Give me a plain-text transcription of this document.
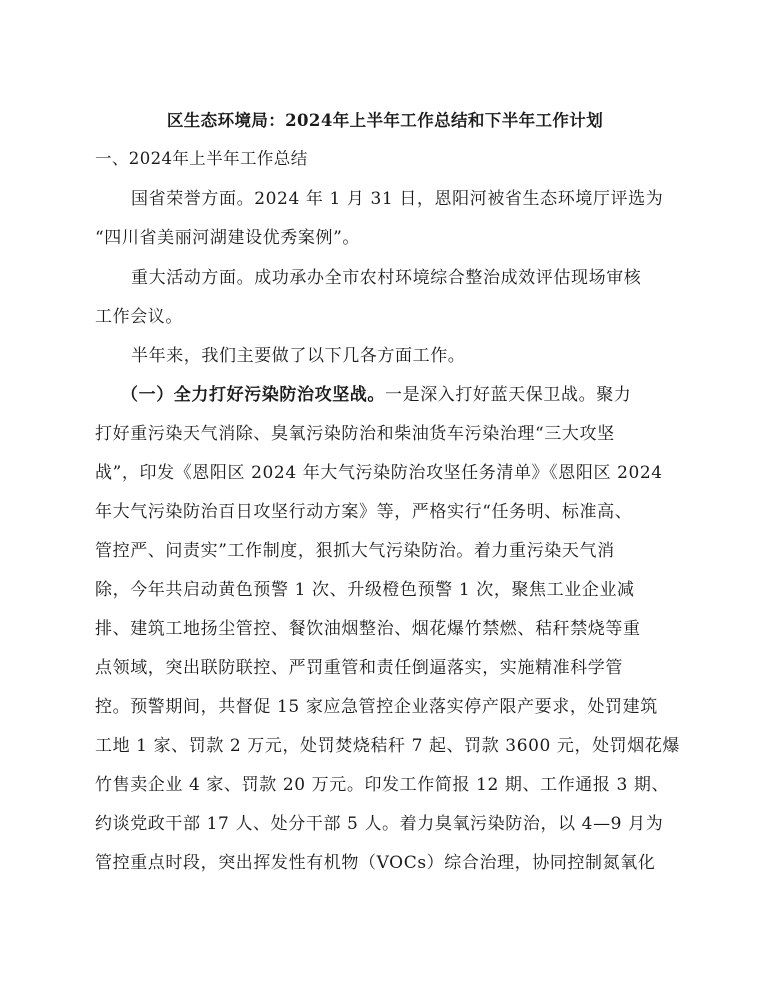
区生态环境局：2024年上半年工作总结和下半年工作计划
一、2024年上半年工作总结
国省荣誉方面。2024 年 1 月 31 日，恩阳河被省生态环境厅评选为
“四川省美丽河湖建设优秀案例”。
重大活动方面。成功承办全市农村环境综合整治成效评估现场审核
工作会议。
半年来，我们主要做了以下几各方面工作。
（一）全力打好污染防治攻坚战。一是深入打好蓝天保卫战。聚力
打好重污染天气消除、臭氧污染防治和柴油货车污染治理“三大攻坚
战”，印发《恩阳区 2024 年大气污染防治攻坚任务清单》《恩阳区 2024
年大气污染防治百日攻坚行动方案》等，严格实行“任务明、标准高、
管控严、问责实”工作制度，狠抓大气污染防治。着力重污染天气消
除，今年共启动黄色预警 1 次、升级橙色预警 1 次，聚焦工业企业减
排、建筑工地扬尘管控、餐饮油烟整治、烟花爆竹禁燃、秸秆禁烧等重
点领域，突出联防联控、严罚重管和责任倒逼落实，实施精准科学管
控。预警期间，共督促 15 家应急管控企业落实停产限产要求，处罚建筑
工地 1 家、罚款 2 万元，处罚焚烧秸秆 7 起、罚款 3600 元，处罚烟花爆
竹售卖企业 4 家、罚款 20 万元。印发工作简报 12 期、工作通报 3 期、
约谈党政干部 17 人、处分干部 5 人。着力臭氧污染防治，以 4—9 月为
管控重点时段，突出挥发性有机物（VOCs）综合治理，协同控制氮氧化
